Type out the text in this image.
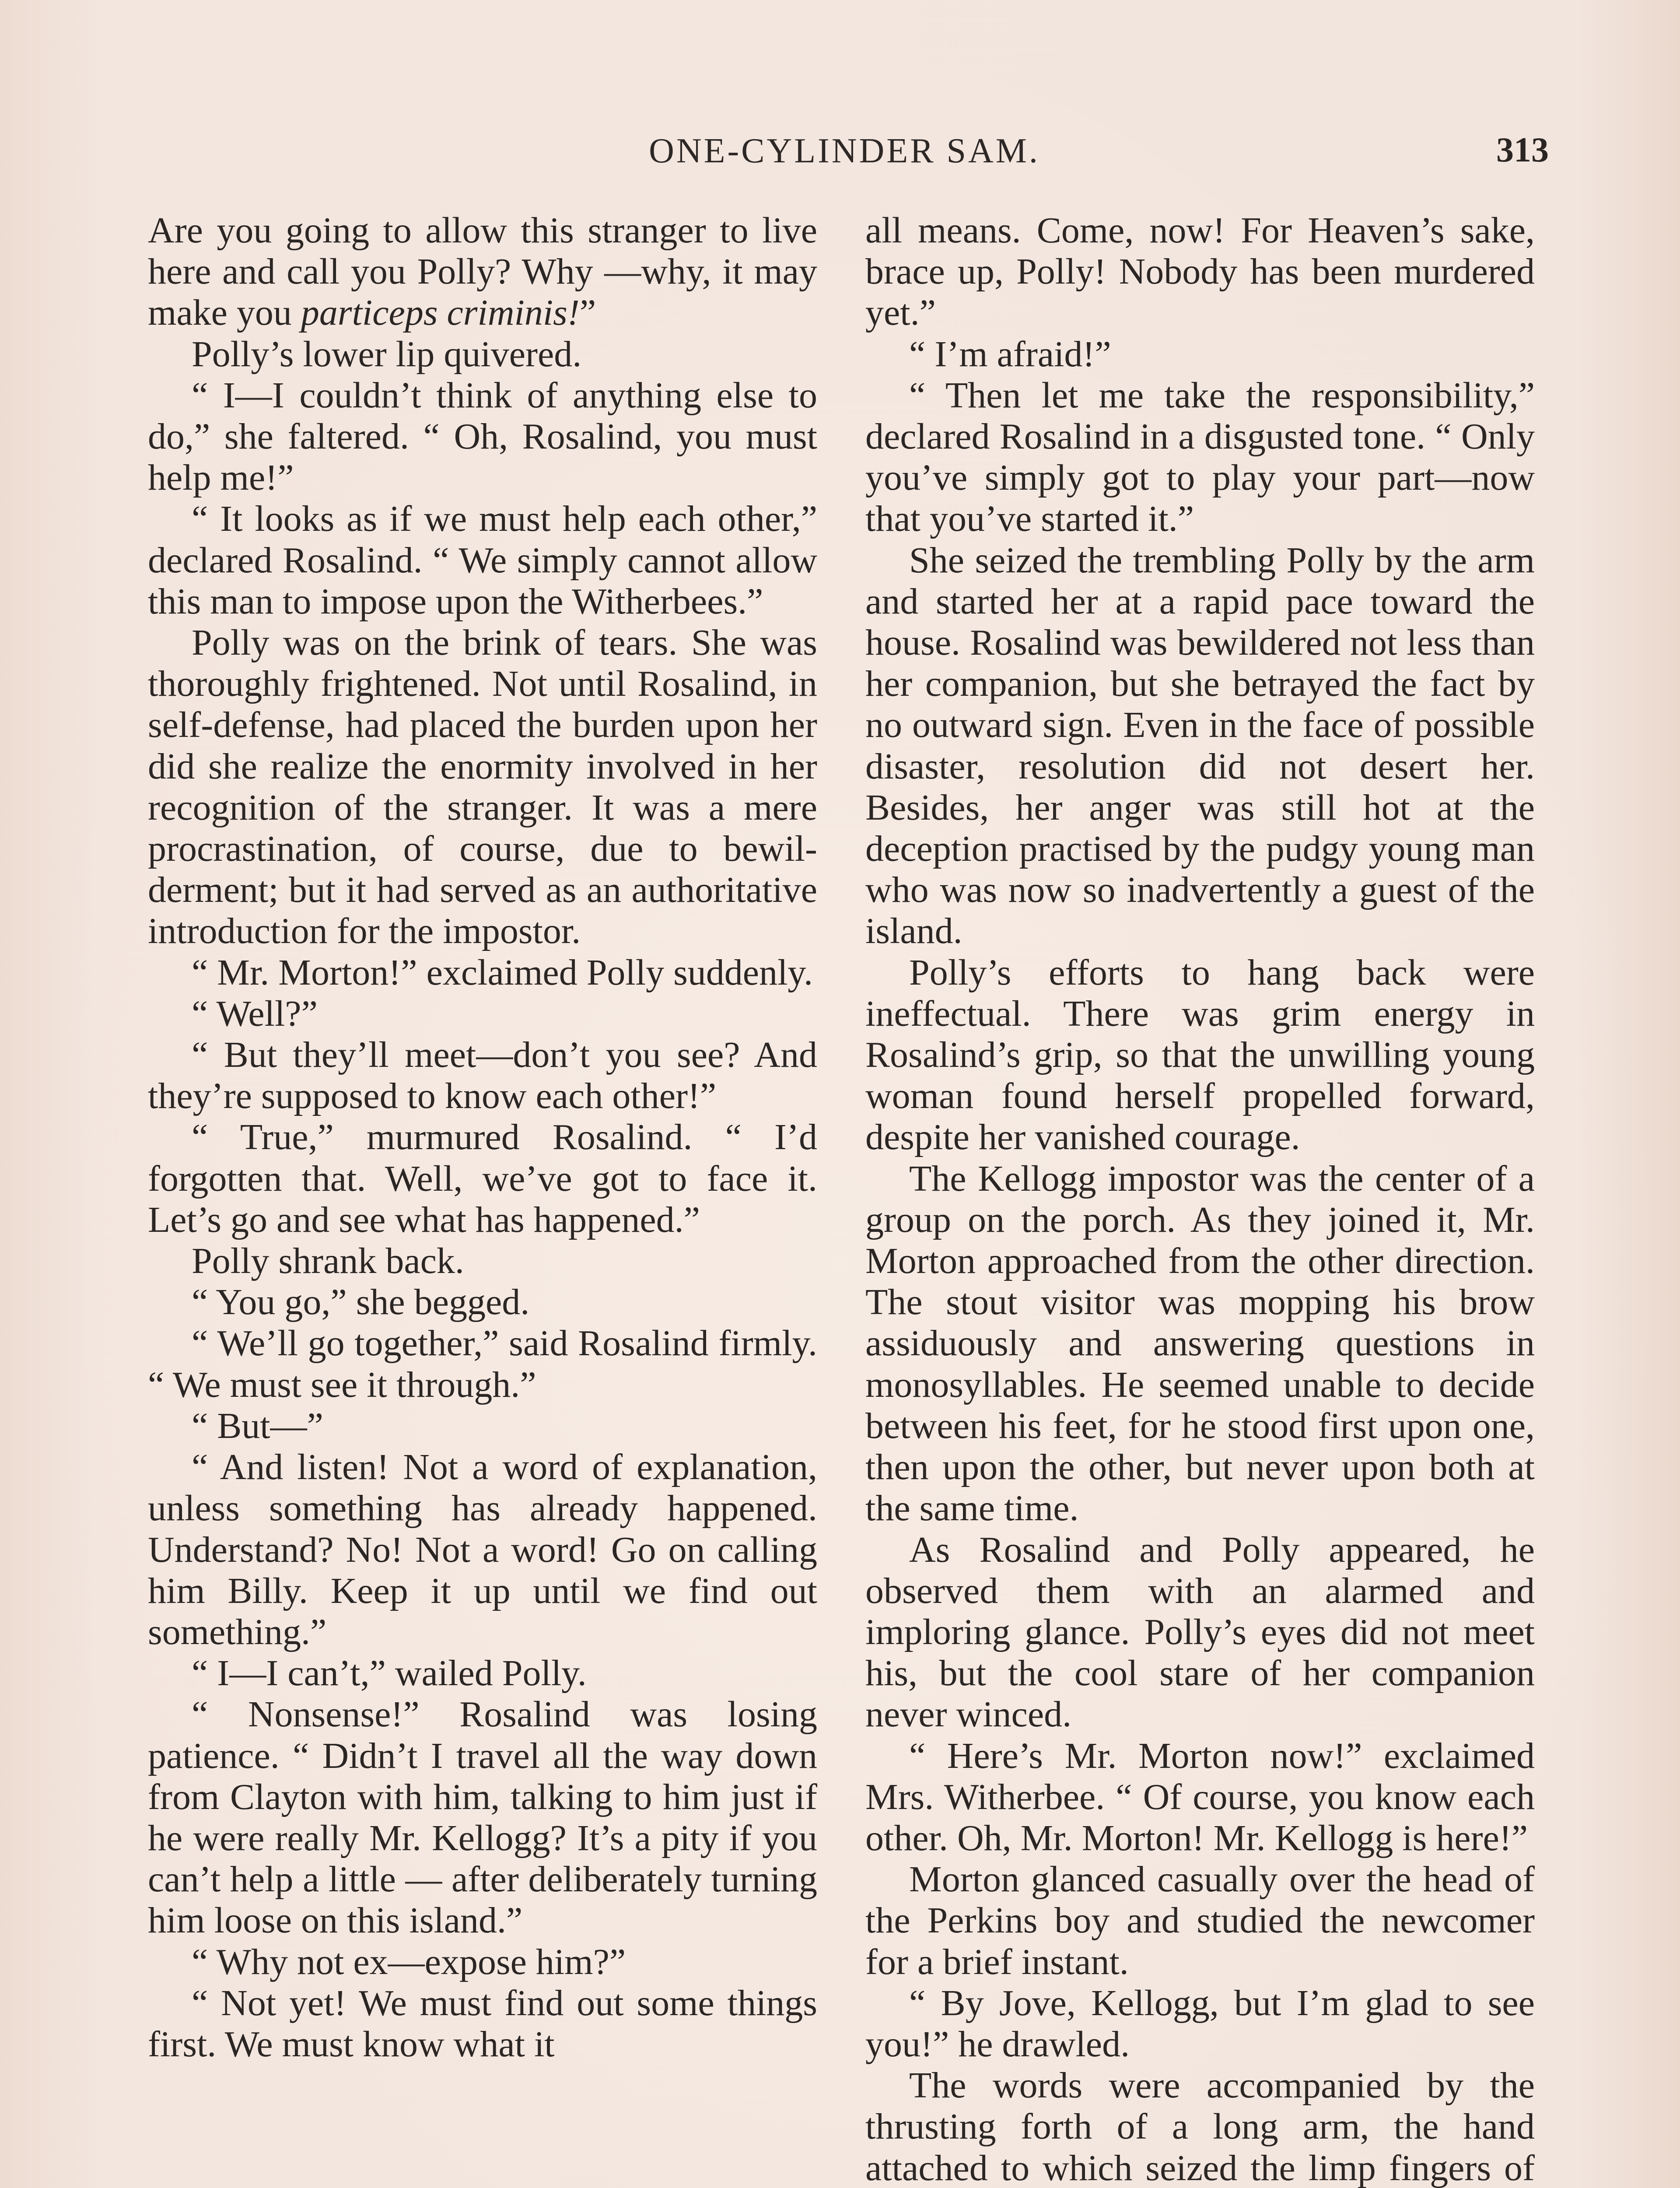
ONE-CYLINDER SAM.	313

Are you going to allow this stranger to live here and call you Polly? Why —why, it may make you particeps criminis!”

Polly’s lower lip quivered.

“ I—I couldn’t think of anything else to do,” she faltered. “ Oh, Rosalind, you must help me!”

“ It looks as if we must help each other,” declared Rosalind. “ We simply cannot allow this man to impose upon the Witherbees.”

Polly was on the brink of tears. She was thoroughly frightened. Not until Rosalind, in self-defense, had placed the burden upon her did she realize the enormity involved in her recognition of the stranger. It was a mere procrastination, of course, due to bewilderment; but it had served as an authoritative introduction for the impostor.

“ Mr. Morton!” exclaimed Polly suddenly.

“ Well?”

“ But they’ll meet—don’t you see? And they’re supposed to know each other!”

“ True,” murmured Rosalind. “ I’d forgotten that. Well, we’ve got to face it. Let’s go and see what has happened.”

Polly shrank back.

“ You go,” she begged.

“ We’ll go together,” said Rosalind firmly. “ We must see it through.”

“ But—”

“ And listen! Not a word of explanation, unless something has already happened. Understand? No! Not a word! Go on calling him Billy. Keep it up until we find out something.”

“ I—I can’t,” wailed Polly.

“ Nonsense!” Rosalind was losing patience. “ Didn’t I travel all the way down from Clayton with him, talking to him just if he were really Mr. Kellogg? It’s a pity if you can’t help a little — after deliberately turning him loose on this island.”

“ Why not ex—expose him?”

“ Not yet! We must find out some things first. We must know what it

all means. Come, now! For Heaven’s sake, brace up, Polly! Nobody has been murdered yet.”

“ I’m afraid!”

“ Then let me take the responsibility,” declared Rosalind in a disgusted tone. “ Only you’ve simply got to play your part—now that you’ve started it.”

She seized the trembling Polly by the arm and started her at a rapid pace toward the house. Rosalind was bewildered not less than her companion, but she betrayed the fact by no outward sign. Even in the face of possible disaster, resolution did not desert her. Besides, her anger was still hot at the deception practised by the pudgy young man who was now so inadvertently a guest of the island.

Polly’s efforts to hang back were ineffectual. There was grim energy in Rosalind’s grip, so that the unwilling young woman found herself propelled forward, despite her vanished courage.

The Kellogg impostor was the center of a group on the porch. As they joined it, Mr. Morton approached from the other direction. The stout visitor was mopping his brow assiduously and answering questions in monosyllables. He seemed unable to decide between his feet, for he stood first upon one, then upon the other, but never upon both at the same time.

As Rosalind and Polly appeared, he observed them with an alarmed and imploring glance. Polly’s eyes did not meet his, but the cool stare of her companion never winced.

“ Here’s Mr. Morton now!” exclaimed Mrs. Witherbee. “ Of course, you know each other. Oh, Mr. Morton! Mr. Kellogg is here!”

Morton glanced casually over the head of the Perkins boy and studied the newcomer for a brief instant.

“ By Jove, Kellogg, but I’m glad to see you!” he drawled.

The words were accompanied by the thrusting forth of a long arm, the hand attached to which seized the limp fingers of
